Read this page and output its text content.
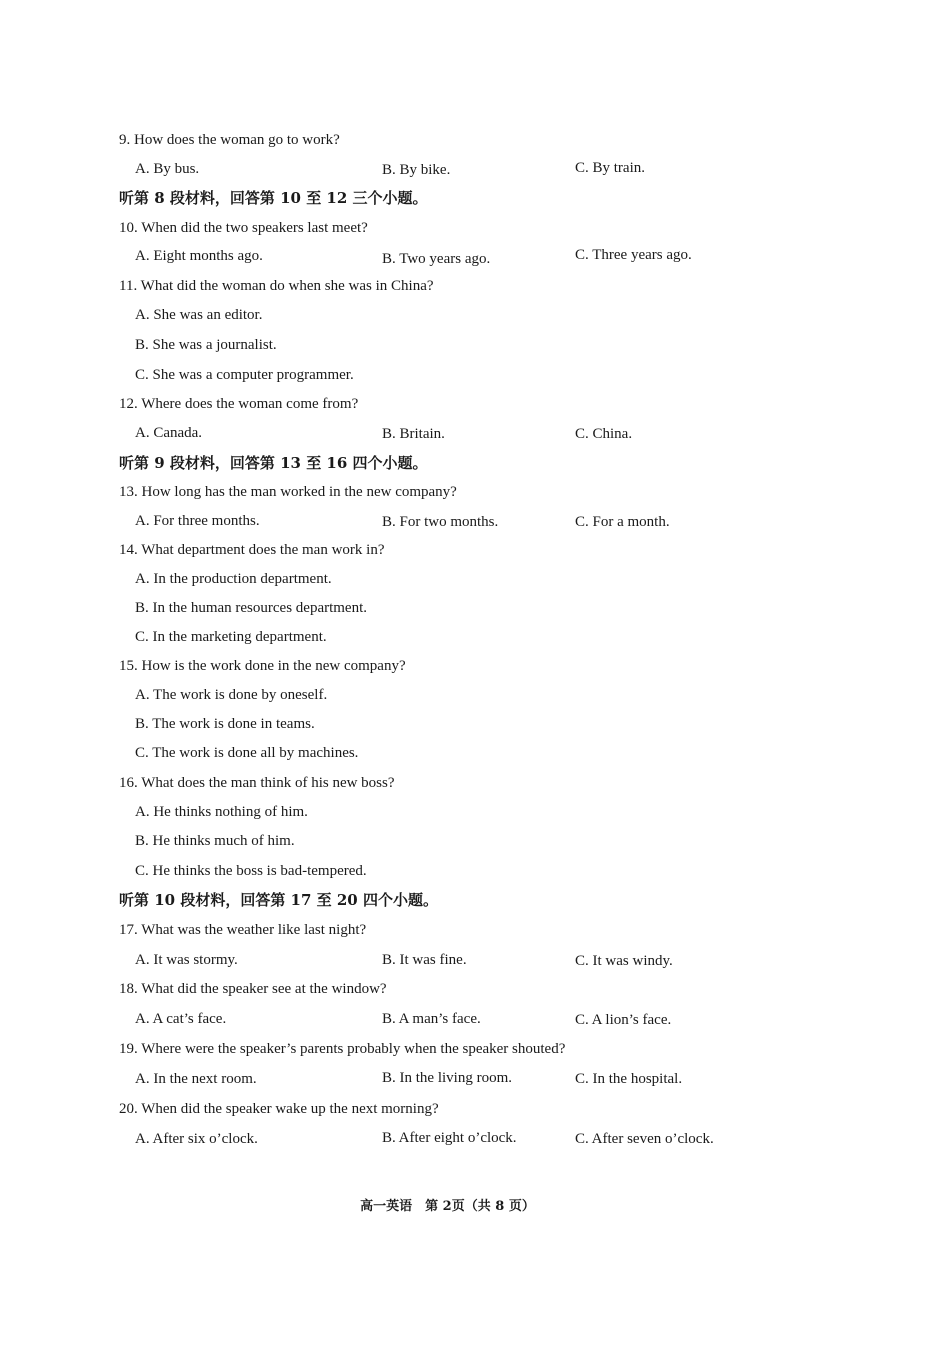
9. How does the woman go to work?
A. By bus.	B. By bike.	C. By train.
听第 8 段材料，回答第 10 至 12 三个小题。
10. When did the two speakers last meet?
A. Eight months ago.	B. Two years ago.	C. Three years ago.
11. What did the woman do when she was in China?
A. She was an editor.
B. She was a journalist.
C. She was a computer programmer.
12. Where does the woman come from?
A. Canada.	B. Britain.	C. China.
听第 9 段材料，回答第 13 至 16 四个小题。
13. How long has the man worked in the new company?
A. For three months.	B. For two months.	C. For a month.
14. What department does the man work in?
A. In the production department.
B. In the human resources department.
C. In the marketing department.
15. How is the work done in the new company?
A. The work is done by oneself.
B. The work is done in teams.
C. The work is done all by machines.
16. What does the man think of his new boss?
A. He thinks nothing of him.
B. He thinks much of him.
C. He thinks the boss is bad-tempered.
听第 10 段材料，回答第 17 至 20 四个小题。
17. What was the weather like last night?
A. It was stormy.	B. It was fine.	C. It was windy.
18. What did the speaker see at the window?
A. A cat’s face.	B. A man’s face.	C. A lion’s face.
19. Where were the speaker’s parents probably when the speaker shouted?
A. In the next room.	B. In the living room.	C. In the hospital.
20. When did the speaker wake up the next morning?
A. After six o’clock.	B. After eight o’clock.	C. After seven o’clock.
高一英语　第 2页（共 8 页）
